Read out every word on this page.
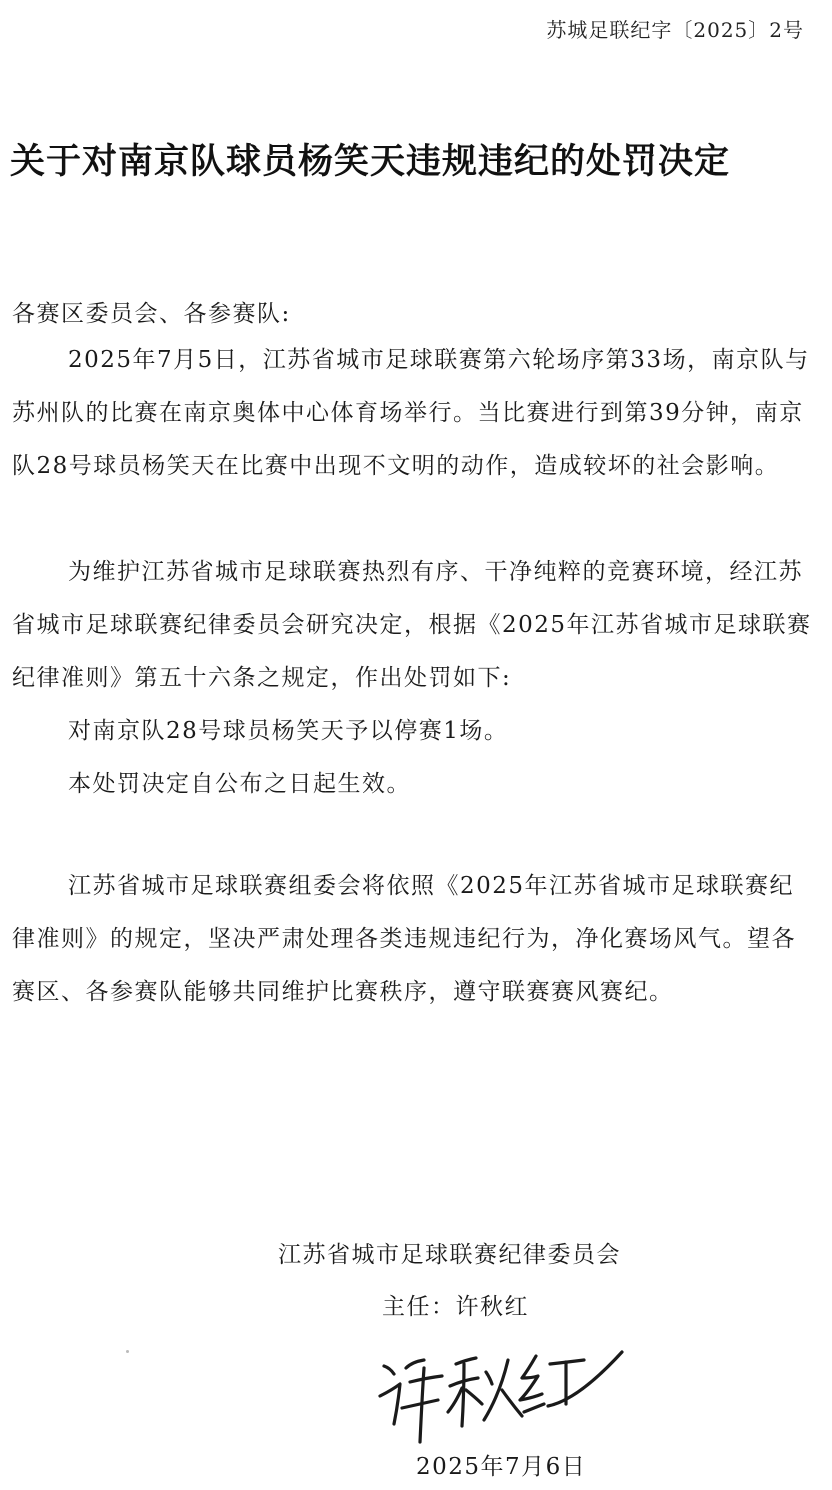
苏城足联纪字〔2025〕2号
关于对南京队球员杨笑天违规违纪的处罚决定
各赛区委员会、各参赛队:

2025年7月5日，江苏省城市足球联赛第六轮场序第33场，南京队与苏州队的比赛在南京奥体中心体育场举行。当比赛进行到第39分钟，南京队28号球员杨笑天在比赛中出现不文明的动作，造成较坏的社会影响。

为维护江苏省城市足球联赛热烈有序、干净纯粹的竞赛环境，经江苏省城市足球联赛纪律委员会研究决定，根据《2025年江苏省城市足球联赛纪律准则》第五十六条之规定，作出处罚如下:

对南京队28号球员杨笑天予以停赛1场。

本处罚决定自公布之日起生效。

江苏省城市足球联赛组委会将依照《2025年江苏省城市足球联赛纪律准则》的规定，坚决严肃处理各类违规违纪行为，净化赛场风气。望各赛区、各参赛队能够共同维护比赛秩序，遵守联赛赛风赛纪。

江苏省城市足球联赛纪律委员会
主任：许秋红
2025年7月6日
